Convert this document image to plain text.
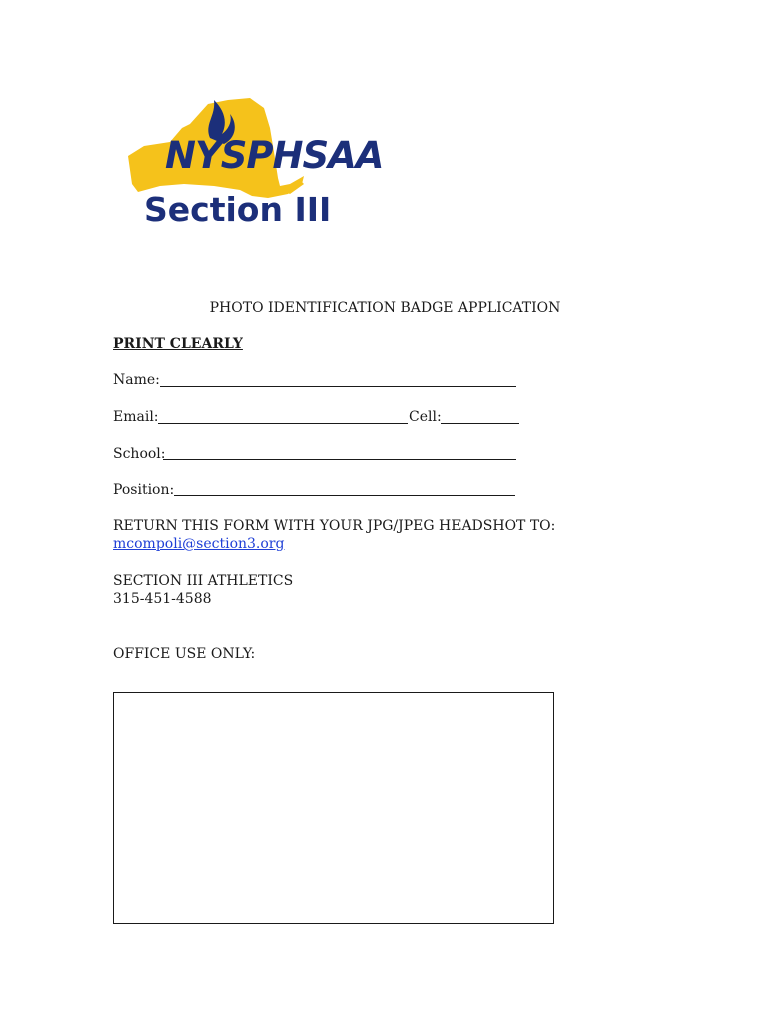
NYSPHSAA
Section III
PHOTO IDENTIFICATION BADGE APPLICATION
PRINT CLEARLY
Name:
Email:	Cell:
School:
Position:
RETURN THIS FORM WITH YOUR JPG/JPEG HEADSHOT TO:
mcompoli@section3.org
SECTION III ATHLETICS
315-451-4588
OFFICE USE ONLY:
